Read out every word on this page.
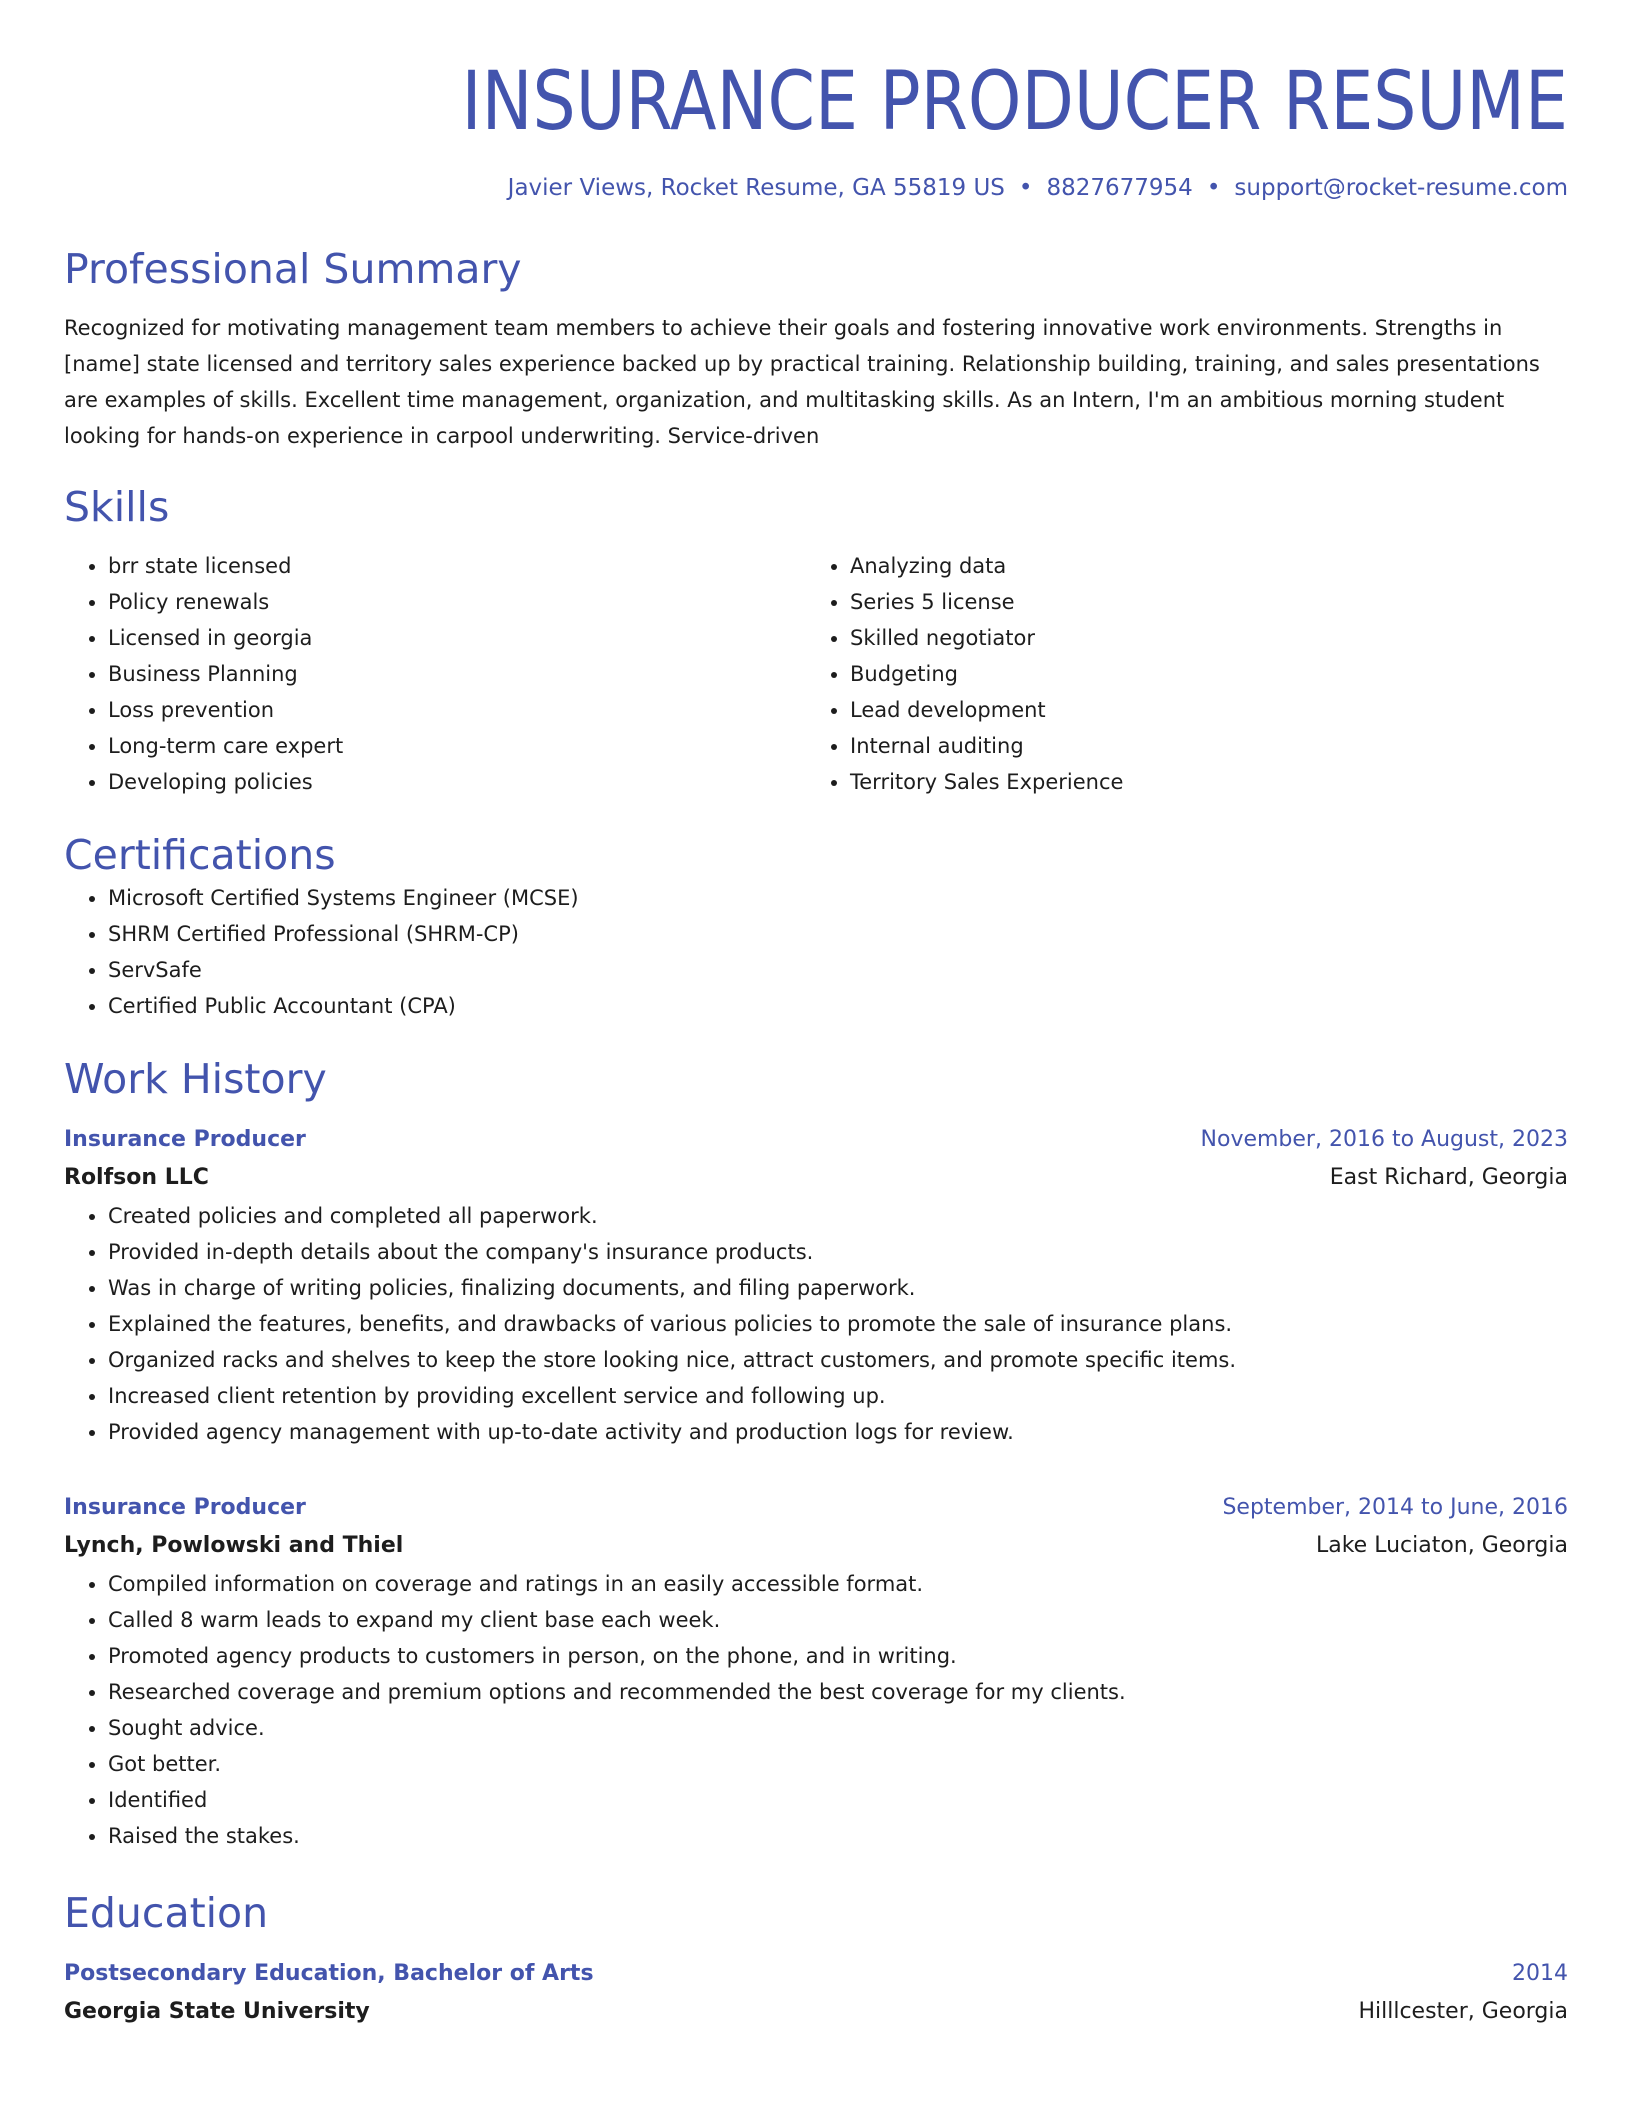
INSURANCE PRODUCER RESUME
Javier Views, Rocket Resume, GA 55819 US • 8827677954 • support@rocket-resume.com
Professional Summary
Recognized for motivating management team members to achieve their goals and fostering innovative work environments. Strengths in [name] state licensed and territory sales experience backed up by practical training. Relationship building, training, and sales presentations are examples of skills. Excellent time management, organization, and multitasking skills. As an Intern, I'm an ambitious morning student looking for hands-on experience in carpool underwriting. Service-driven
Skills
• brr state licensed
• Policy renewals
• Licensed in georgia
• Business Planning
• Loss prevention
• Long-term care expert
• Developing policies
• Analyzing data
• Series 5 license
• Skilled negotiator
• Budgeting
• Lead development
• Internal auditing
• Territory Sales Experience
Certifications
• Microsoft Certified Systems Engineer (MCSE)
• SHRM Certified Professional (SHRM-CP)
• ServSafe
• Certified Public Accountant (CPA)
Work History
Insurance Producer	November, 2016 to August, 2023
Rolfson LLC	East Richard, Georgia
• Created policies and completed all paperwork.
• Provided in-depth details about the company's insurance products.
• Was in charge of writing policies, finalizing documents, and filing paperwork.
• Explained the features, benefits, and drawbacks of various policies to promote the sale of insurance plans.
• Organized racks and shelves to keep the store looking nice, attract customers, and promote specific items.
• Increased client retention by providing excellent service and following up.
• Provided agency management with up-to-date activity and production logs for review.
Insurance Producer	September, 2014 to June, 2016
Lynch, Powlowski and Thiel	Lake Luciaton, Georgia
• Compiled information on coverage and ratings in an easily accessible format.
• Called 8 warm leads to expand my client base each week.
• Promoted agency products to customers in person, on the phone, and in writing.
• Researched coverage and premium options and recommended the best coverage for my clients.
• Sought advice.
• Got better.
• Identified
• Raised the stakes.
Education
Postsecondary Education, Bachelor of Arts	2014
Georgia State University	Hilllcester, Georgia
